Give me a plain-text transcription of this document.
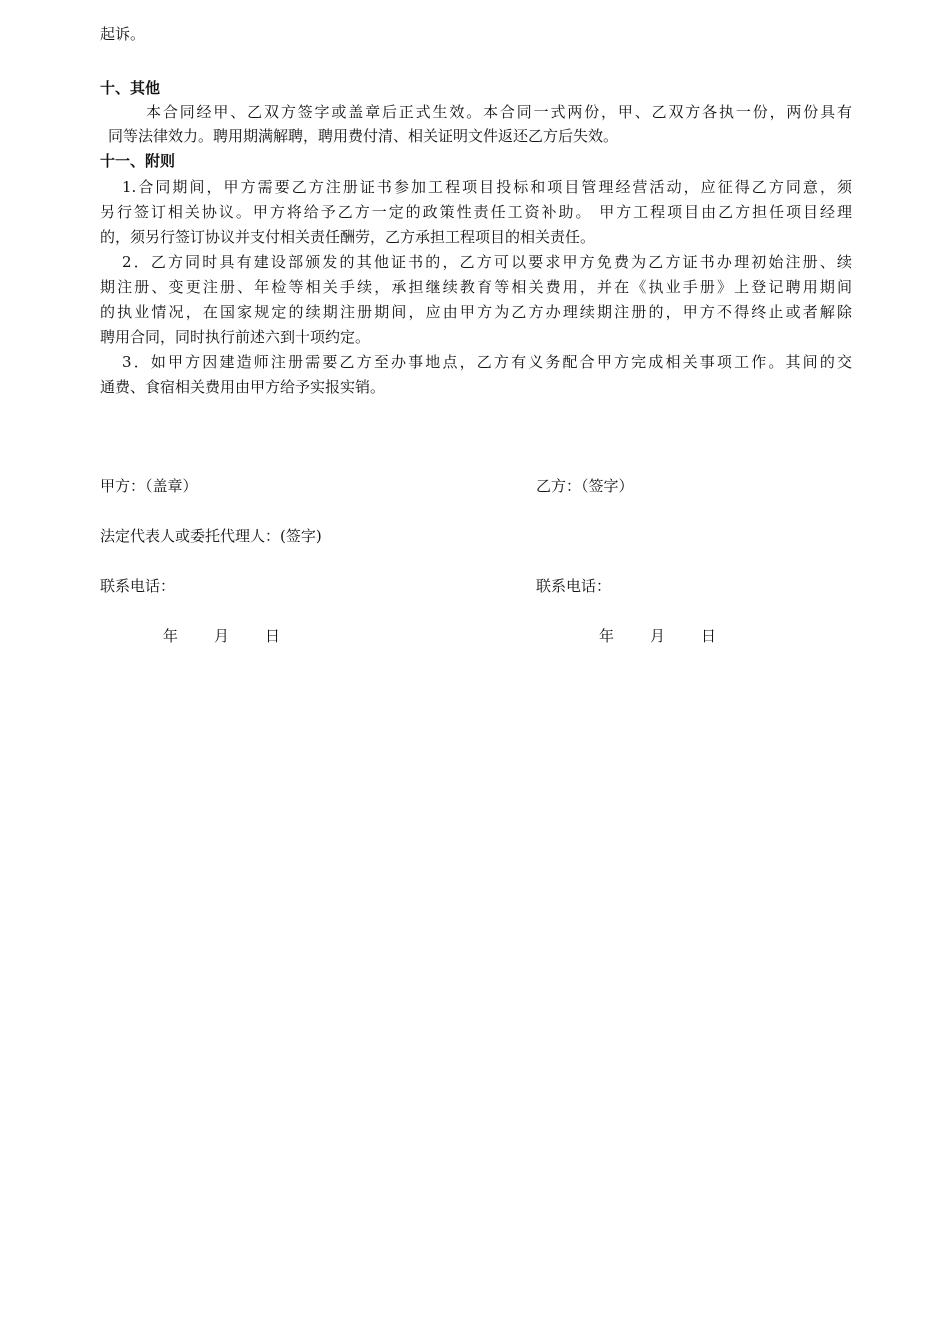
起诉。
十、其他
本合同经甲、乙双方签字或盖章后正式生效。本合同一式两份，甲、乙双方各执一份，两份具有
同等法律效力。聘用期满解聘，聘用费付清、相关证明文件返还乙方后失效。
十一、附则
1.合同期间，甲方需要乙方注册证书参加工程项目投标和项目管理经营活动，应征得乙方同意，须
另行签订相关协议。甲方将给予乙方一定的政策性责任工资补助。 甲方工程项目由乙方担任项目经理
的，须另行签订协议并支付相关责任酬劳，乙方承担工程项目的相关责任。
2．乙方同时具有建设部颁发的其他证书的，乙方可以要求甲方免费为乙方证书办理初始注册、续
期注册、变更注册、年检等相关手续，承担继续教育等相关费用，并在《执业手册》上登记聘用期间
的执业情况，在国家规定的续期注册期间，应由甲方为乙方办理续期注册的，甲方不得终止或者解除
聘用合同，同时执行前述六到十项约定。
3．如甲方因建造师注册需要乙方至办事地点，乙方有义务配合甲方完成相关事项工作。其间的交
通费、食宿相关费用由甲方给予实报实销。
甲方：（盖章）	乙方：（签字）
法定代表人或委托代理人：(签字)
联系电话：	联系电话：
年 月 日	年 月 日
